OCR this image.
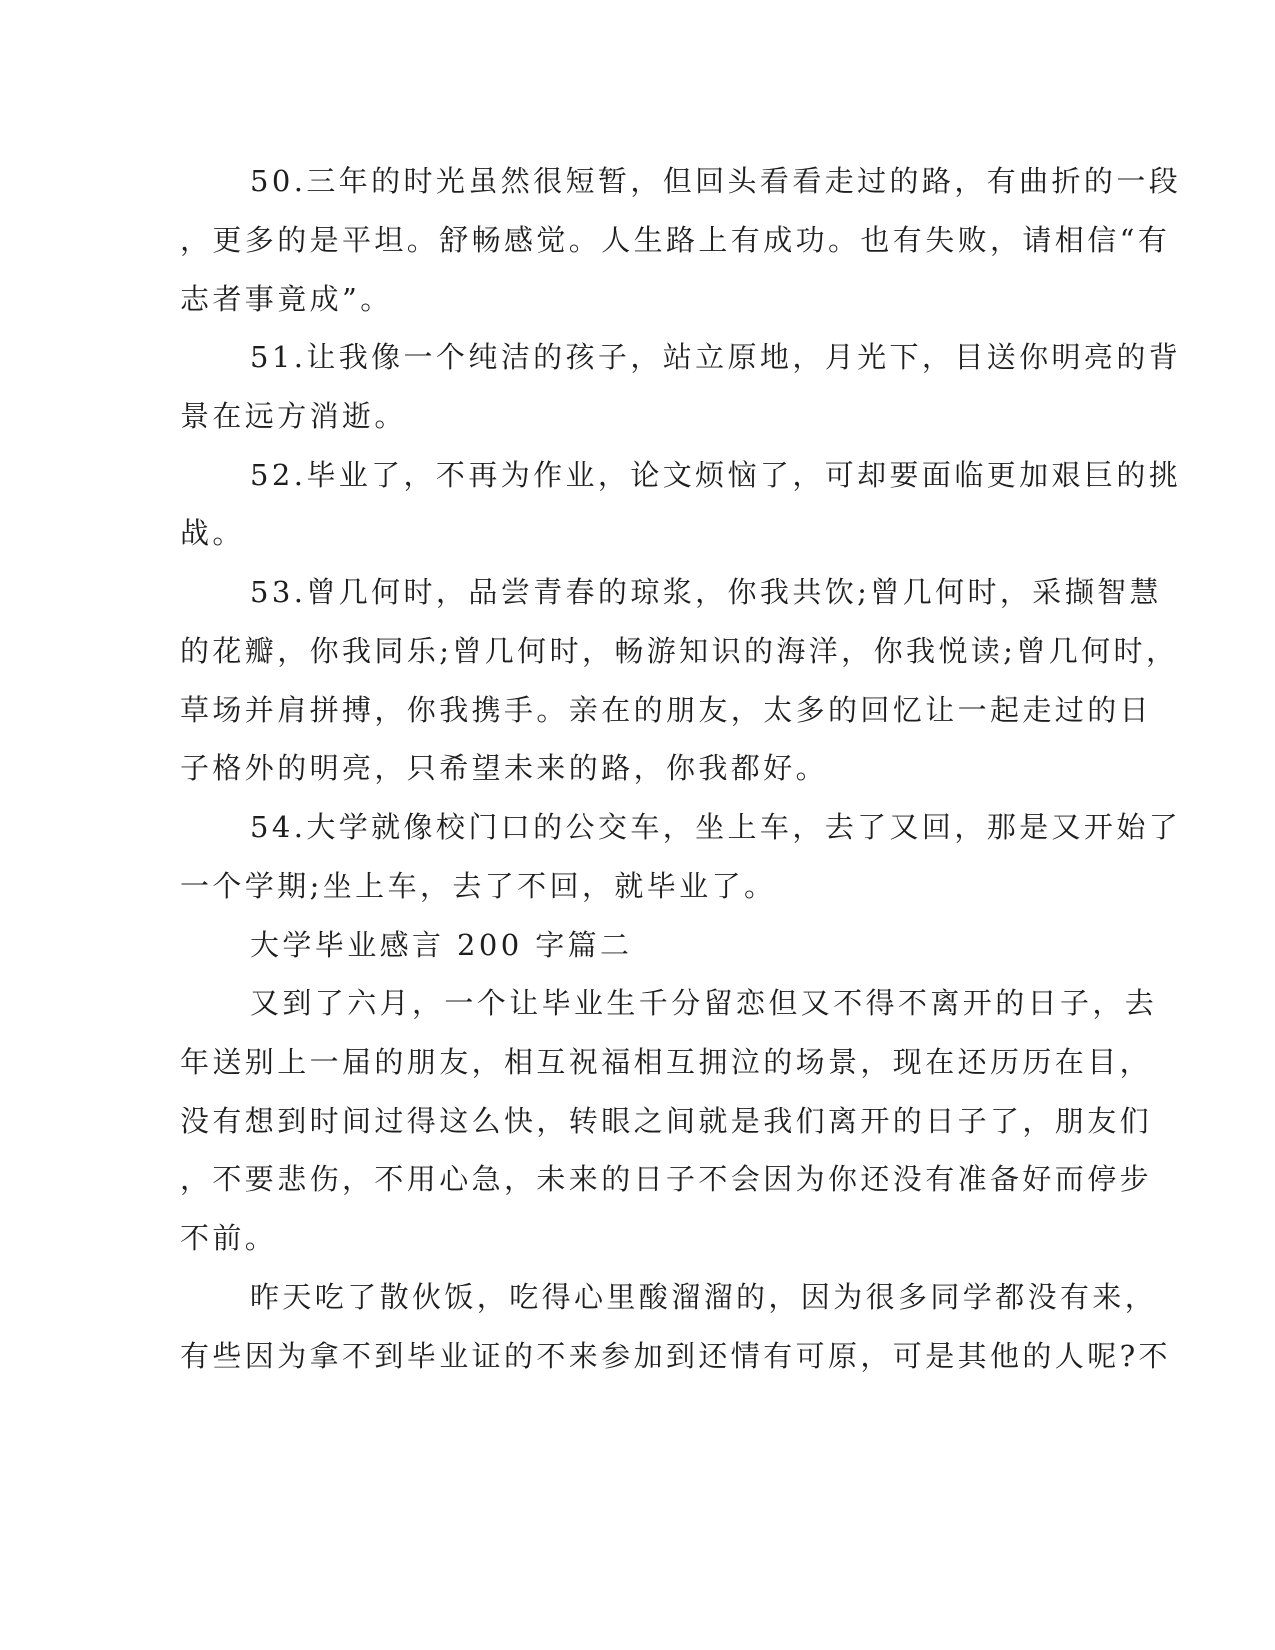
50.三年的时光虽然很短暂，但回头看看走过的路，有曲折的一段
，更多的是平坦。舒畅感觉。人生路上有成功。也有失败，请相信“有
志者事竟成”。
51.让我像一个纯洁的孩子，站立原地，月光下，目送你明亮的背
景在远方消逝。
52.毕业了，不再为作业，论文烦恼了，可却要面临更加艰巨的挑
战。
53.曾几何时，品尝青春的琼浆，你我共饮;曾几何时，采撷智慧
的花瓣，你我同乐;曾几何时，畅游知识的海洋，你我悦读;曾几何时，
草场并肩拼搏，你我携手。亲在的朋友，太多的回忆让一起走过的日
子格外的明亮，只希望未来的路，你我都好。
54.大学就像校门口的公交车，坐上车，去了又回，那是又开始了
一个学期;坐上车，去了不回，就毕业了。
大学毕业感言 200 字篇二
又到了六月，一个让毕业生千分留恋但又不得不离开的日子，去
年送别上一届的朋友，相互祝福相互拥泣的场景，现在还历历在目，
没有想到时间过得这么快，转眼之间就是我们离开的日子了，朋友们
，不要悲伤，不用心急，未来的日子不会因为你还没有准备好而停步
不前。
昨天吃了散伙饭，吃得心里酸溜溜的，因为很多同学都没有来，
有些因为拿不到毕业证的不来参加到还情有可原，可是其他的人呢?不
